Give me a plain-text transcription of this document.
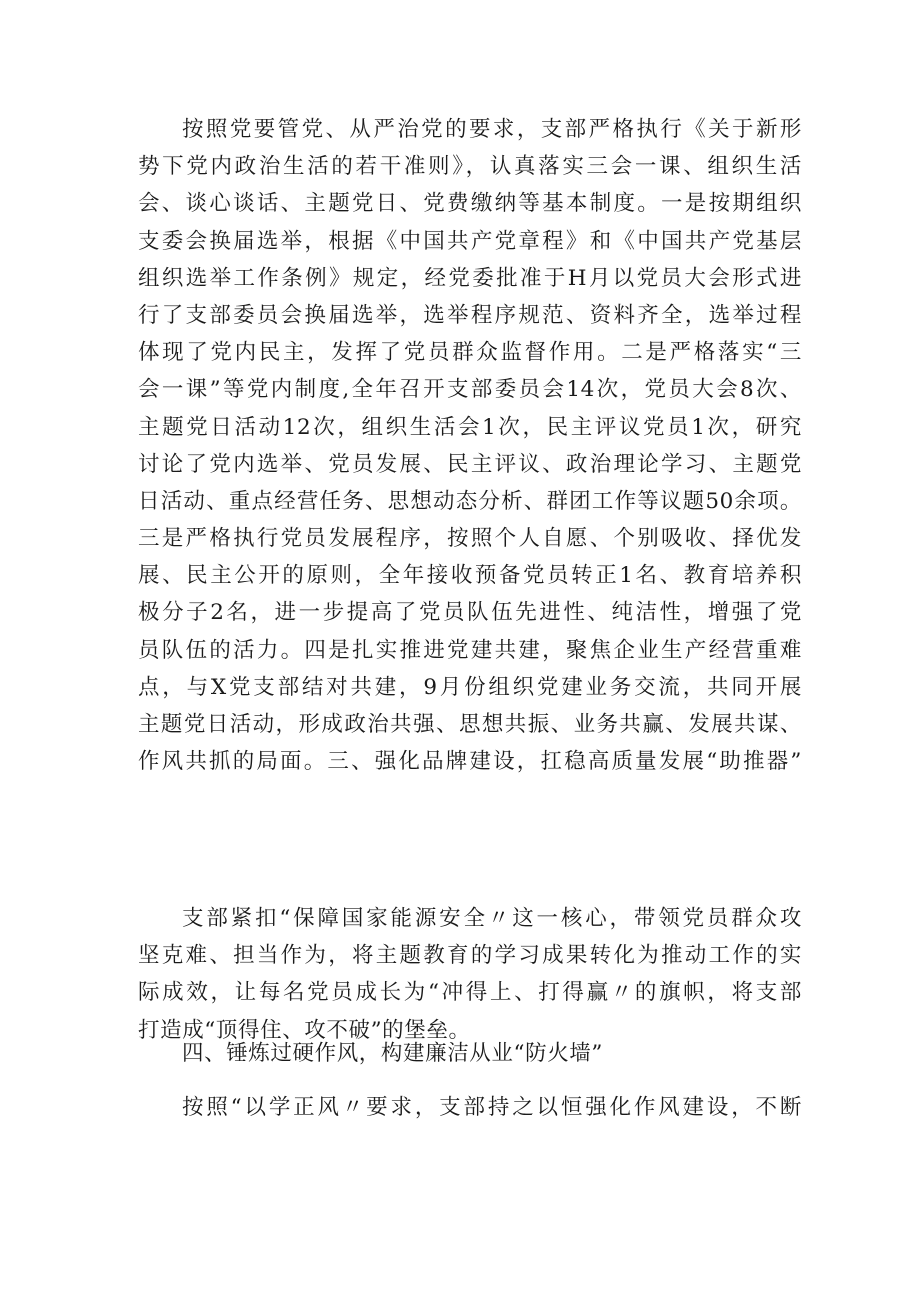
按照党要管党、从严治党的要求，支部严格执行《关于新形
势下党内政治生活的若干准则》，认真落实三会一课、组织生活
会、谈心谈话、主题党日、党费缴纳等基本制度。一是按期组织
支委会换届选举，根据《中国共产党章程》和《中国共产党基层
组织选举工作条例》规定，经党委批准于H月以党员大会形式进
行了支部委员会换届选举，选举程序规范、资料齐全，选举过程
体现了党内民主，发挥了党员群众监督作用。二是严格落实“三
会一课”等党内制度,全年召开支部委员会14次，党员大会8次、
主题党日活动12次，组织生活会1次，民主评议党员1次，研究
讨论了党内选举、党员发展、民主评议、政治理论学习、主题党
日活动、重点经营任务、思想动态分析、群团工作等议题50余项。
三是严格执行党员发展程序，按照个人自愿、个别吸收、择优发
展、民主公开的原则，全年接收预备党员转正1名、教育培养积
极分子2名，进一步提高了党员队伍先进性、纯洁性，增强了党
员队伍的活力。四是扎实推进党建共建，聚焦企业生产经营重难
点，与X党支部结对共建，9月份组织党建业务交流，共同开展
主题党日活动，形成政治共强、思想共振、业务共赢、发展共谋、
作风共抓的局面。三、强化品牌建设，扛稳高质量发展“助推器”
支部紧扣“保障国家能源安全〃这一核心，带领党员群众攻
坚克难、担当作为，将主题教育的学习成果转化为推动工作的实
际成效，让每名党员成长为“冲得上、打得赢〃的旗帜，将支部
打造成“顶得住、攻不破”的堡垒。
四、锤炼过硬作风，构建廉洁从业“防火墙”
按照“以学正风〃要求，支部持之以恒强化作风建设，不断
